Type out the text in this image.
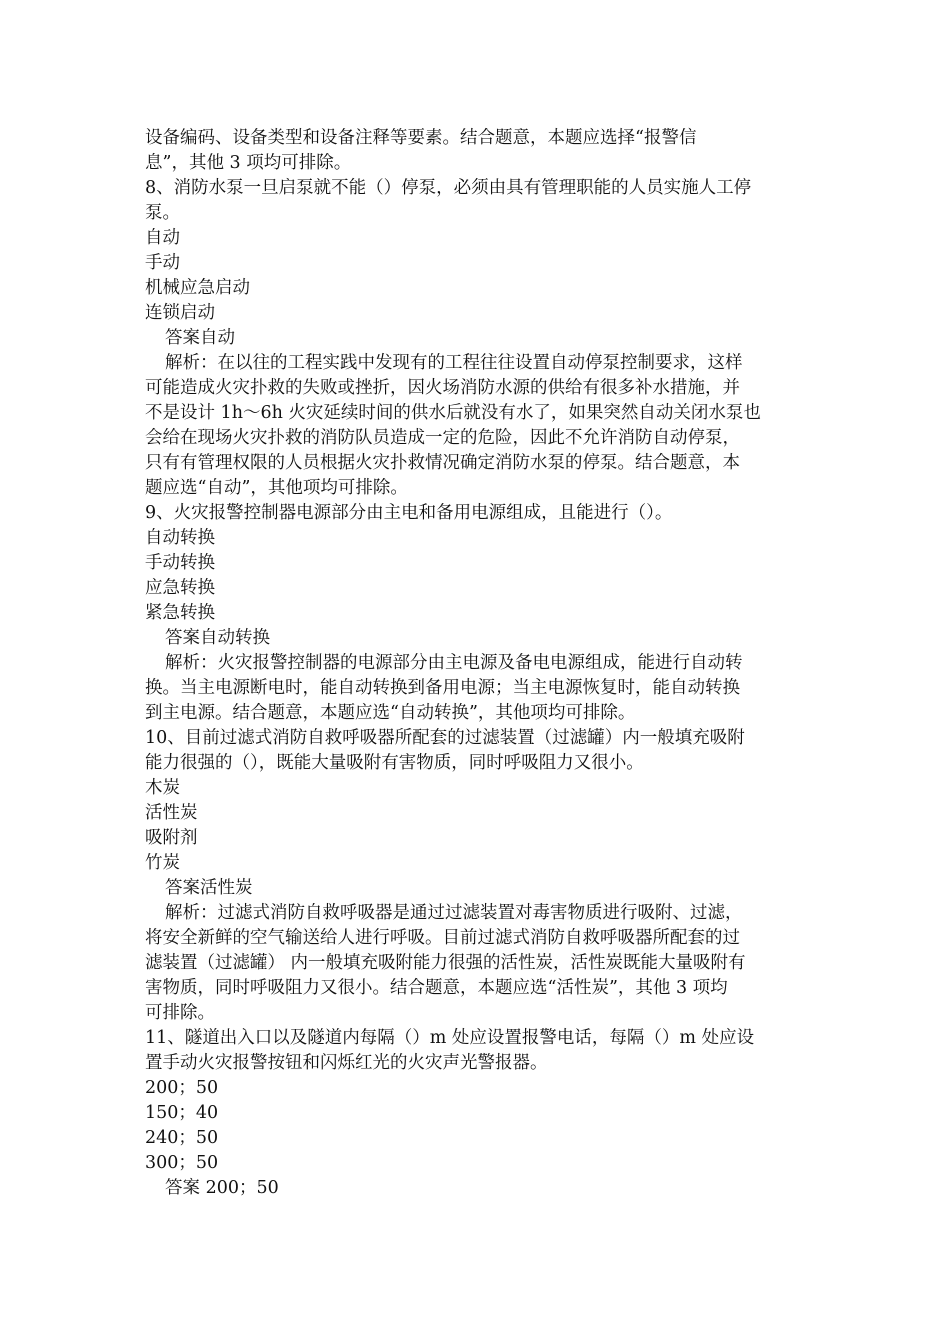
设备编码、设备类型和设备注释等要素。结合题意，本题应选择“报警信

息”，其他 3 项均可排除。

8、消防水泵一旦启泵就不能（）停泵，必须由具有管理职能的人员实施人工停

泵。

自动

手动

机械应急启动

连锁启动

答案自动

解析：在以往的工程实践中发现有的工程往往设置自动停泵控制要求，这样

可能造成火灾扑救的失败或挫折，因火场消防水源的供给有很多补水措施，并

不是设计 1h～6h 火灾延续时间的供水后就没有水了，如果突然自动关闭水泵也

会给在现场火灾扑救的消防队员造成一定的危险，因此不允许消防自动停泵，

只有有管理权限的人员根据火灾扑救情况确定消防水泵的停泵。结合题意，本

题应选“自动”，其他项均可排除。

9、火灾报警控制器电源部分由主电和备用电源组成，且能进行（）。

自动转换

手动转换

应急转换

紧急转换

答案自动转换

解析：火灾报警控制器的电源部分由主电源及备电电源组成，能进行自动转

换。当主电源断电时，能自动转换到备用电源；当主电源恢复时，能自动转换

到主电源。结合题意，本题应选“自动转换”，其他项均可排除。

10、目前过滤式消防自救呼吸器所配套的过滤装置（过滤罐）内一般填充吸附

能力很强的（），既能大量吸附有害物质，同时呼吸阻力又很小。

木炭

活性炭

吸附剂

竹炭

答案活性炭

解析：过滤式消防自救呼吸器是通过过滤装置对毒害物质进行吸附、过滤，

将安全新鲜的空气输送给人进行呼吸。目前过滤式消防自救呼吸器所配套的过

滤装置（过滤罐） 内一般填充吸附能力很强的活性炭，活性炭既能大量吸附有

害物质，同时呼吸阻力又很小。结合题意，本题应选“活性炭”，其他 3 项均

可排除。

11、隧道出入口以及隧道内每隔（）m 处应设置报警电话，每隔（）m 处应设

置手动火灾报警按钮和闪烁红光的火灾声光警报器。

200；50

150；40

240；50

300；50

答案 200；50
